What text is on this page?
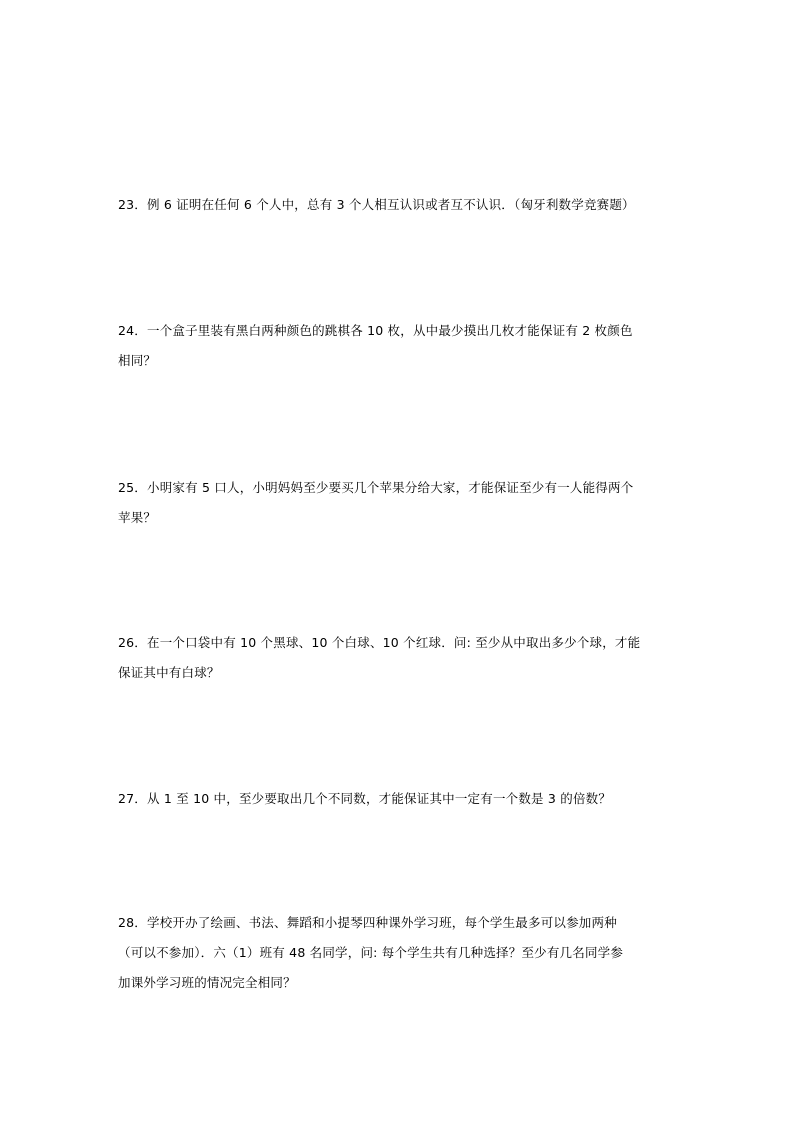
23．例 6 证明在任何 6 个人中，总有 3 个人相互认识或者互不认识．（匈牙利数学竞赛题）
24．一个盒子里装有黑白两种颜色的跳棋各 10 枚，从中最少摸出几枚才能保证有 2 枚颜色
相同？
25．小明家有 5 口人，小明妈妈至少要买几个苹果分给大家，才能保证至少有一人能得两个
苹果？
26．在一个口袋中有 10 个黑球、10 个白球、10 个红球．问: 至少从中取出多少个球，才能
保证其中有白球？
27．从 1 至 10 中，至少要取出几个不同数，才能保证其中一定有一个数是 3 的倍数？
28．学校开办了绘画、书法、舞蹈和小提琴四种课外学习班，每个学生最多可以参加两种
（可以不参加）．六（1）班有 48 名同学，问: 每个学生共有几种选择？至少有几名同学参
加课外学习班的情况完全相同？
